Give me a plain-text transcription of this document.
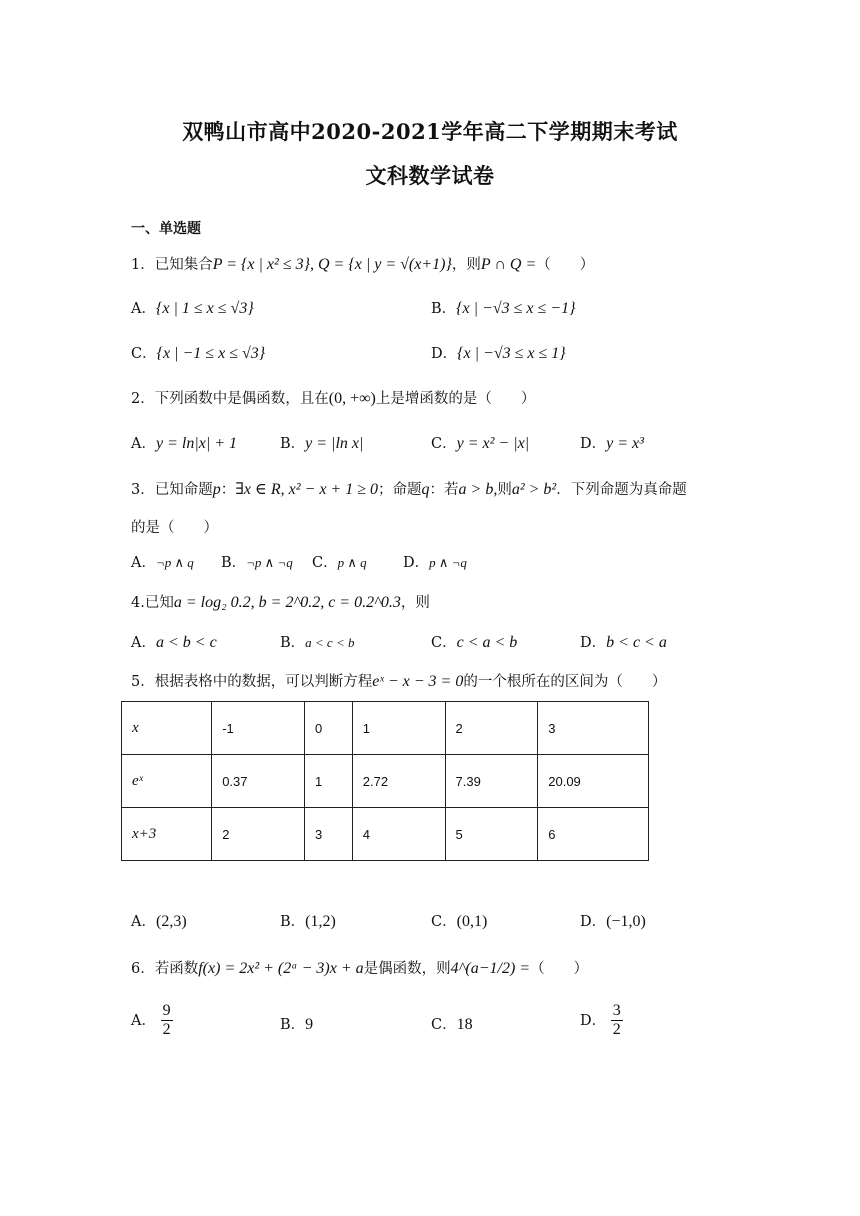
双鸭山市高中2020-2021学年高二下学期期末考试
文科数学试卷
一、单选题
1．已知集合P = {x | x² ≤ 3}, Q = {x | y = √(x+1)}，则P ∩ Q =（　　）
A．{x | 1 ≤ x ≤ √3}	B．{x | −√3 ≤ x ≤ −1}
C．{x | −1 ≤ x ≤ √3}	D．{x | −√3 ≤ x ≤ 1}
2．下列函数中是偶函数，且在(0, +∞)上是增函数的是（　　）
A．y = ln|x| + 1	B．y = |ln x|	C．y = x² − |x|	D．y = x³
3．已知命题p：∃x ∈ R, x² − x + 1 ≥ 0；命题q：若a > b,则a² > b²．下列命题为真命题
的是（　　）
A．¬p ∧ q B．¬p ∧ ¬q C．p ∧ q	D．p ∧ ¬q
4.已知a = log₂ 0.2, b = 2^0.2, c = 0.2^0.3，则
A．a < b < c	B．a < c < b	C．c < a < b	D．b < c < a
5．根据表格中的数据，可以判断方程eˣ − x − 3 = 0的一个根所在的区间为（　　）
x	-1	0	1	2	3
eˣ	0.37	1	2.72	7.39	20.09
x+3	2	3	4	5	6
A．(2,3)	B．(1,2)	C．(0,1)	D．(−1,0)
6．若函数f(x) = 2x² + (2ᵃ − 3)x + a是偶函数，则4^(a−1/2) =（　　）
A． $\frac{9}{2}$	B．9	C．18	D． $\frac{3}{2}$
